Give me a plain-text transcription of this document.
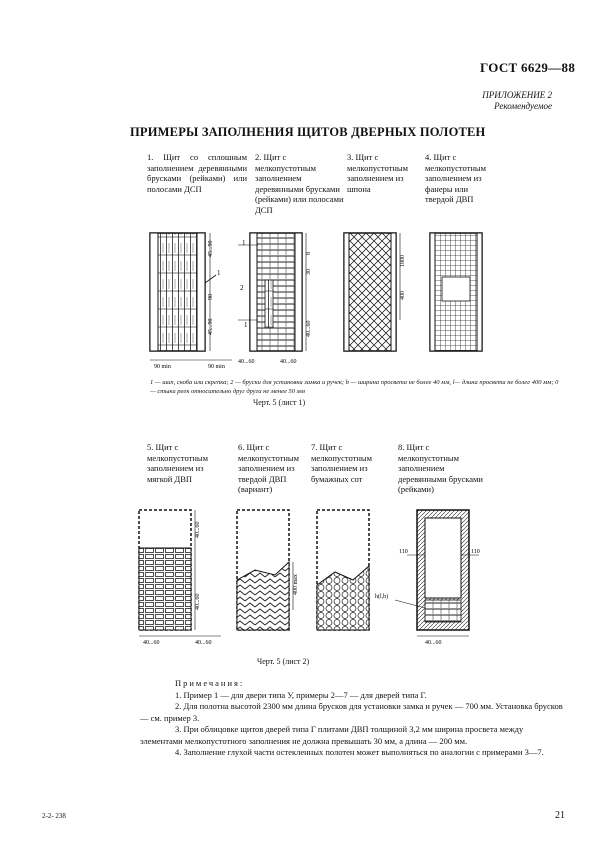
ГОСТ 6629—88
ПРИЛОЖЕНИЕ 2
Рекомендуемое
ПРИМЕРЫ ЗАПОЛНЕНИЯ ЩИТОВ ДВЕРНЫХ ПОЛОТЕН
1. Щит со сплошным заполнением деревянными брусками (рейками) или полосами ДСП
2. Щит с мелкопустотным заполнением деревянными брусками (рейками) или полосами ДСП
3. Щит с мелкопустотным заполнением из шпона
4. Щит с мелкопустотным заполнением из фанеры или твердой ДВП
45...90
90
45...90
1
90 min	90 min
1
2
1
8
30
40...60
40...60	40...60
1800
400
1 — шип, скоба или скрепка; 2 — бруски для установки замка и ручек; b — ширина просвета не более 40 мм, l— длина просвета не более 400 мм; 0 — стыки реек относительно друг друга не менее 50 мм
Черт. 5 (лист 1)
5. Щит с мелкопустотным заполнением из мягкой ДВП
6. Щит с мелкопустотным заполнением из твердой ДВП (вариант)
7. Щит с мелкопустотным заполнением из бумажных сот
8. Щит с мелкопустотным заполнением деревянными брусками (рейками)
40...60
40...60
40...60	40...60
400 max
110	110
h(l,b)
40...60
Черт. 5 (лист 2)

Примечания:

1. Пример 1 — для двери типа У, примеры 2—7 — для дверей типа Г.

2. Для полотна высотой 2300 мм длина брусков для установки замка и ручек — 700 мм. Установка брусков — см. пример 3.

3. При облицовке щитов дверей типа Г плитами ДВП толщиной 3,2 мм ширина просвета между элементами мелкопустотного заполнения не должна превышать 30 мм, а длина — 200 мм.

4. Заполнение глухой части остекленных полотен может выполняться по аналогии с примерами 3—7.

2-2- 238	21
